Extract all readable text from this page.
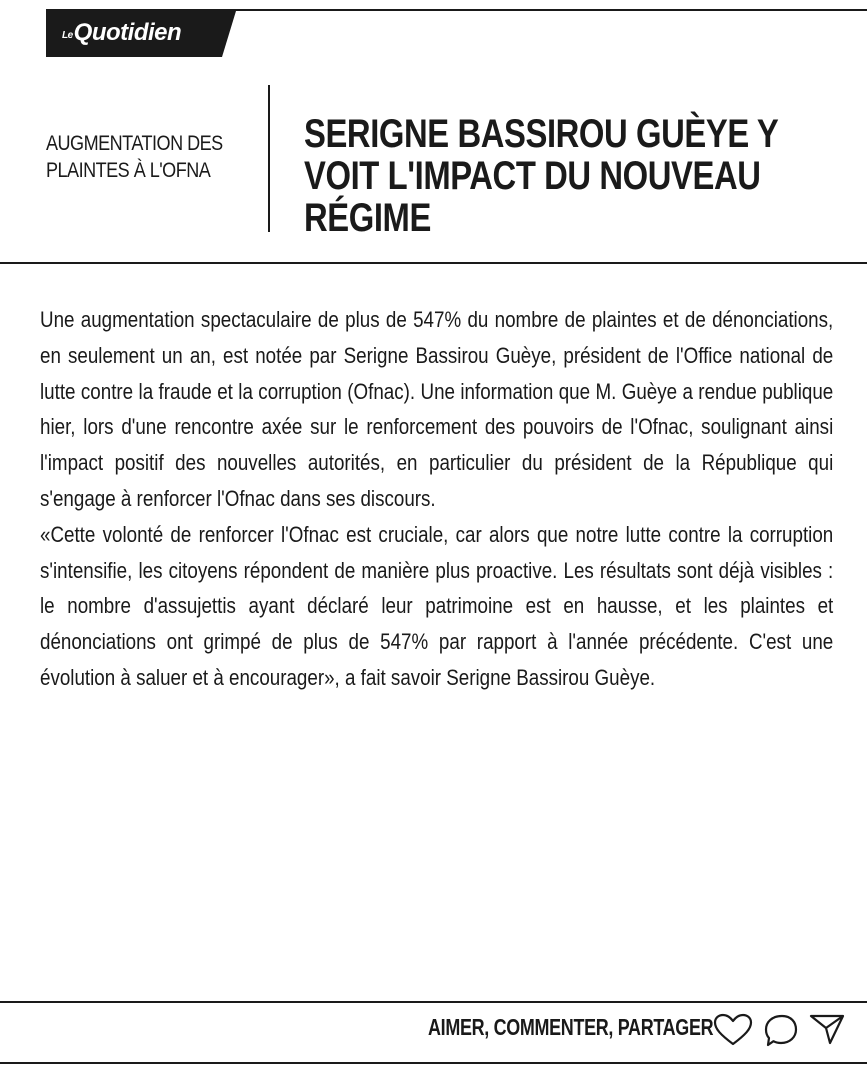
LeQuotidien
AUGMENTATION DES PLAINTES À L'OFNA
SERIGNE BASSIROU GUÈYE Y VOIT L'IMPACT DU NOUVEAU RÉGIME

Une augmentation spectaculaire de plus de 547% du nombre de plaintes et de dénonciations, en seulement un an, est notée par Serigne Bassirou Guèye, président de l'Office national de lutte contre la fraude et la corruption (Ofnac). Une information que M. Guèye a rendue publique hier, lors d'une rencontre axée sur le renforcement des pouvoirs de l'Ofnac, soulignant ainsi l'impact positif des nouvelles autorités, en particulier du président de la République qui s'engage à renforcer l'Ofnac dans ses discours.

«Cette volonté de renforcer l'Ofnac est cruciale, car alors que notre lutte contre la corruption s'intensifie, les citoyens répondent de manière plus proactive. Les résultats sont déjà visibles : le nombre d'assujettis ayant déclaré leur patrimoine est en hausse, et les plaintes et dénonciations ont grimpé de plus de 547% par rapport à l'année précédente. C'est une évolution à saluer et à encourager», a fait savoir Serigne Bassirou Guèye.

AIMER, COMMENTER, PARTAGER
